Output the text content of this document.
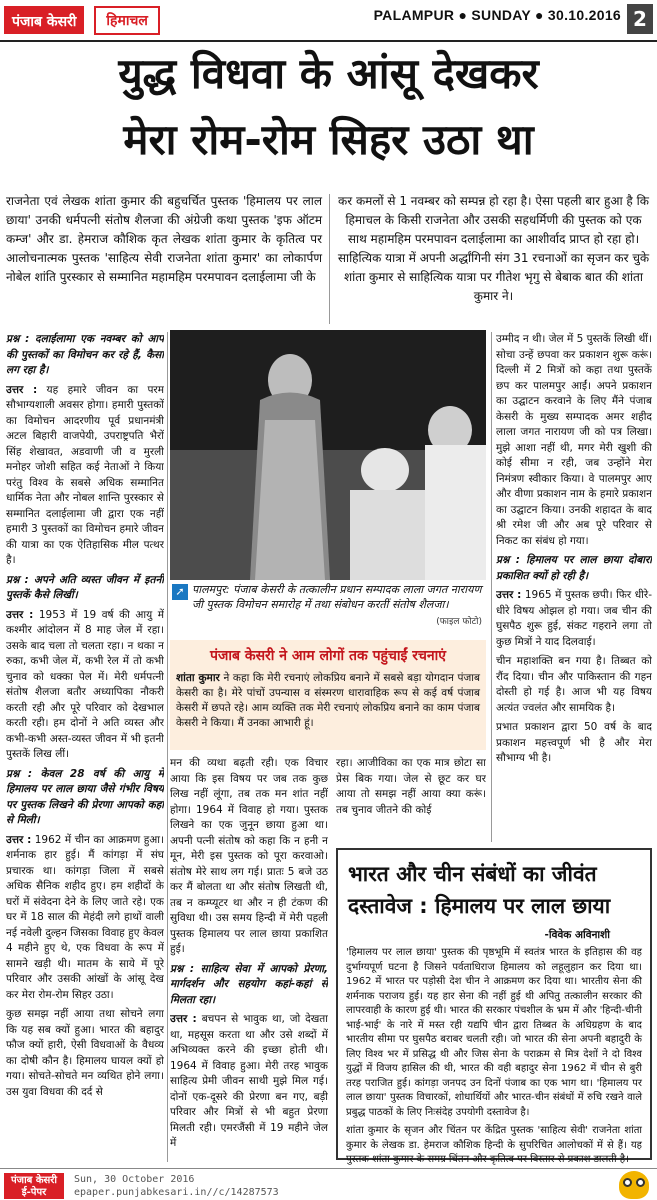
पंजाब केसरी	हिमाचल	PALAMPUR ● SUNDAY ● 30.10.2016 2
युद्ध विधवा के आंसू देखकर
मेरा रोम-रोम सिहर उठा था
राजनेता एवं लेखक शांता कुमार की बहुचर्चित पुस्तक 'हिमालय पर लाल छाया' उनकी धर्मपत्नी संतोष शैलजा की अंग्रेजी कथा पुस्तक 'इफ ऑटम कम्ज' और डा. हेमराज कौशिक कृत लेखक शांता कुमार के कृतित्व पर आलोचनात्मक पुस्तक 'साहित्य सेवी राजनेता शांता कुमार' का लोकार्पण नोबेल शांति पुरस्कार से सम्मानित महामहिम परमपावन दलाईलामा जी के
कर कमलों से 1 नवम्बर को सम्पन्न हो रहा है। ऐसा पहली बार हुआ है कि हिमाचल के किसी राजनेता और उसकी सहधर्मिणी की पुस्तक को एक साथ महामहिम परमपावन दलाईलामा का आशीर्वाद प्राप्त हो रहा हो। साहित्यिक यात्रा में अपनी अर्द्धांगिनी संग 31 रचनाओं का सृजन कर चुके शांता कुमार से साहित्यिक यात्रा पर गीतेश भृगु से बेबाक बात की शांता कुमार ने।

प्रश्न : दलाईलामा एक नवम्बर को आप की पुस्तकों का विमोचन कर रहे हैं, कैसा लग रहा है।

उत्तर : यह हमारे जीवन का परम सौभाग्यशाली अवसर होगा। हमारी पुस्तकों का विमोचन आदरणीय पूर्व प्रधानमंत्री अटल बिहारी वाजपेयी, उपराष्ट्रपति भैरों सिंह शेखावत, अडवाणी जी व मुरली मनोहर जोशी सहित कई नेताओं ने किया परंतु विश्व के सबसे अधिक सम्मानित धार्मिक नेता और नोबल शान्ति पुरस्कार से सम्मानित दलाईलामा जी द्वारा एक नहीं हमारी 3 पुस्तकों का विमोचन हमारे जीवन की यात्रा का एक ऐतिहासिक मील पत्थर है।

प्रश्न : अपने अति व्यस्त जीवन में इतनी पुस्तकें कैसे लिखीं।

उत्तर : 1953 में 19 वर्ष की आयु में कश्मीर आंदोलन में 8 माह जेल में रहा। उसके बाद चला तो चलता रहा। न थका न रुका, कभी जेल में, कभी रेल में तो कभी चुनाव को धक्का पेल में। मेरी धर्मपत्नी संतोष शैलजा बतौर अध्यापिका नौकरी करती रही और पूरे परिवार को देखभाल करती रही। हम दोनों ने अति व्यस्त और कभी-कभी अस्त-व्यस्त जीवन में भी इतनी पुस्तकें लिख लीं।

प्रश्न : केवल 28 वर्ष की आयु में हिमालय पर लाल छाया जैसे गंभीर विषय पर पुस्तक लिखने की प्रेरणा आपको कहां से मिली।

उत्तर : 1962 में चीन का आक्रमण हुआ। शर्मनाक हार हुई। मैं कांगड़ा में संघ प्रचारक था। कांगड़ा जिला में सबसे अधिक सैनिक शहीद हुए। हम शहीदों के घरों में संवेदना देने के लिए जाते रहे। एक घर में 18 साल की मेहंदी लगे हाथों वाली नई नवेली दुल्हन जिसका विवाह हुए केवल 4 महीने हुए थे, एक विधवा के रूप में सामने खड़ी थी। मातम के साये में पूरे परिवार और उसकी आंखों के आंसू देख कर मेरा रोम-रोम सिहर उठा।

कुछ समझ नहीं आया तथा सोचने लगा कि यह सब क्यों हुआ। भारत की बहादुर फौज क्यों हारी, ऐसी विधवाओं के वैधव्य का दोषी कौन है। हिमालय घायल क्यों हो गया। सोचते-सोचते मन व्यथित होने लगा। उस युवा विधवा की दर्द से

➚ पालमपुर: पंजाब केसरी के तत्कालीन प्रधान सम्पादक लाला जगत नारायण जी पुस्तक विमोचन समारोह में तथा संबोधन करतीं संतोष शैलजा।
(फाइल फोटो)
पंजाब केसरी ने आम लोगों तक पहुंचाईं रचनाएं
शांता कुमार ने कहा कि मेरी रचनाएं लोकप्रिय बनाने में सबसे बड़ा योगदान पंजाब केसरी का है। मेरे पांचों उपन्यास व संस्मरण धारावाहिक रूप से कई वर्ष पंजाब केसरी में छपते रहे। आम व्यक्ति तक मेरी रचनाएं लोकप्रिय बनाने का काम पंजाब केसरी ने किया। मैं उनका आभारी हूं।

मन की व्यथा बढ़ती रही। एक विचार आया कि इस विषय पर जब तक कुछ लिख नहीं लूंगा, तब तक मन शांत नहीं होगा। 1964 में विवाह हो गया। पुस्तक लिखने का एक जुनून छाया हुआ था। अपनी पत्नी संतोष को कहा कि न हनी न मून, मेरी इस पुस्तक को पूरा करवाओ। संतोष मेरे साथ लग गई। प्रातः 5 बजे उठ कर मैं बोलता था और संतोष लिखती थी, तब न कम्प्यूटर था और न ही टंकण की सुविधा थी। उस समय हिन्दी में मेरी पहली पुस्तक हिमालय पर लाल छाया प्रकाशित हुई।

प्रश्न : साहित्य सेवा में आपको प्रेरणा, मार्गदर्शन और सहयोग कहां-कहां से मिलता रहा।

उत्तर : बचपन से भावुक था, जो देखता था, महसूस करता था और उसे शब्दों में अभिव्यक्त करने की इच्छा होती थी। 1964 में विवाह हुआ। मेरी तरह भावुक साहित्य प्रेमी जीवन साथी मुझे मिल गई। दोनों एक-दूसरे की प्रेरणा बन गए, बड़ी परिवार और मित्रों से भी बहुत प्रेरणा मिलती रही। एमरजैंसी में 19 महीने जेल में

रहा। आजीविका का एक मात्र छोटा सा प्रेस बिक गया। जेल से छूट कर घर आया तो समझ नहीं आया क्या करूं। तब चुनाव जीतने की कोई

उम्मीद न थी। जेल में 5 पुस्तकें लिखी थीं। सोचा उन्हें छपवा कर प्रकाशन शुरू करूं। दिल्ली में 2 मित्रों को कहा तथा पुस्तकें छप कर पालमपुर आईं। अपने प्रकाशन का उद्घाटन करवाने के लिए मैंने पंजाब केसरी के मुख्य सम्पादक अमर शहीद लाला जगत नारायण जी को पत्र लिखा। मुझे आशा नहीं थी, मगर मेरी खुशी की कोई सीमा न रही, जब उन्होंने मेरा निमंत्रण स्वीकार किया। वे पालमपुर आए और वीणा प्रकाशन नाम के हमारे प्रकाशन का उद्घाटन किया। उनकी शहादत के बाद श्री रमेश जी और अब पूरे परिवार से निकट का संबंध हो गया।

प्रश्न : हिमालय पर लाल छाया दोबारा प्रकाशित क्यों हो रही है।

उत्तर : 1965 में पुस्तक छपी। फिर धीरे-धीरे विषय ओझल हो गया। जब चीन की घुसपैठ शुरू हुई, संकट गहराने लगा तो कुछ मित्रों ने याद दिलवाई।

चीन महाशक्ति बन गया है। तिब्बत को रौंद दिया। चीन और पाकिस्तान की गहन दोस्ती हो गई है। आज भी यह विषय अत्यंत ज्वलंत और सामयिक है।

प्रभात प्रकाशन द्वारा 50 वर्ष के बाद प्रकाशन महत्त्वपूर्ण भी है और मेरा सौभाग्य भी है।

भारत और चीन संबंधों का जीवंत दस्तावेज : हिमालय पर लाल छाया
-विवेक अविनाशी

'हिमालय पर लाल छाया' पुस्तक की पृष्ठभूमि में स्वतंत्र भारत के इतिहास की वह दुर्भाग्यपूर्ण घटना है जिसने पर्वताधिराज हिमालय को लहूलुहान कर दिया था। 1962 में भारत पर पड़ोसी देश चीन ने आक्रमण कर दिया था। भारतीय सेना की शर्मनाक पराजय हुई। यह हार सेना की नहीं हुई थी अपितु तत्कालीन सरकार की लापरवाही के कारण हुई थी। भारत की सरकार पंचशील के भ्रम में और 'हिन्दी-चीनी भाई-भाई' के नारे में मस्त रही यद्यपि चीन द्वारा तिब्बत के अधिग्रहण के बाद भारतीय सीमा पर घुसपैठ बराबर चलती रही। जो भारत की सेना अपनी बहादुरी के लिए विश्व भर में प्रसिद्ध थी और जिस सेना के पराक्रम से मित्र देशों ने दो विश्व युद्धों में विजय हासिल की थी, भारत की वही बहादुर सेना 1962 में चीन से बुरी तरह पराजित हुई। कांगड़ा जनपद उन दिनों पंजाब का एक भाग था। 'हिमालय पर लाल छाया' पुस्तक विचारकों, शोधार्थियों और भारत-चीन संबंधों में रुचि रखने वाले प्रबुद्ध पाठकों के लिए निःसंदेह उपयोगी दस्तावेज है।

शांता कुमार के सृजन और चिंतन पर केंद्रित पुस्तक 'साहित्य सेवी' राजनेता शांता कुमार के लेखक डा. हेमराज कौशिक हिन्दी के सुपरिचित आलोचकों में से हैं। यह पुस्तक शांता कुमार के समग्र चिंतन और कृतित्व पर विस्तार से प्रकाश डालती है।

पंजाब केसरी
ई-पेपर
Sun, 30 October 2016
epaper.punjabkesari.in//c/14287573
